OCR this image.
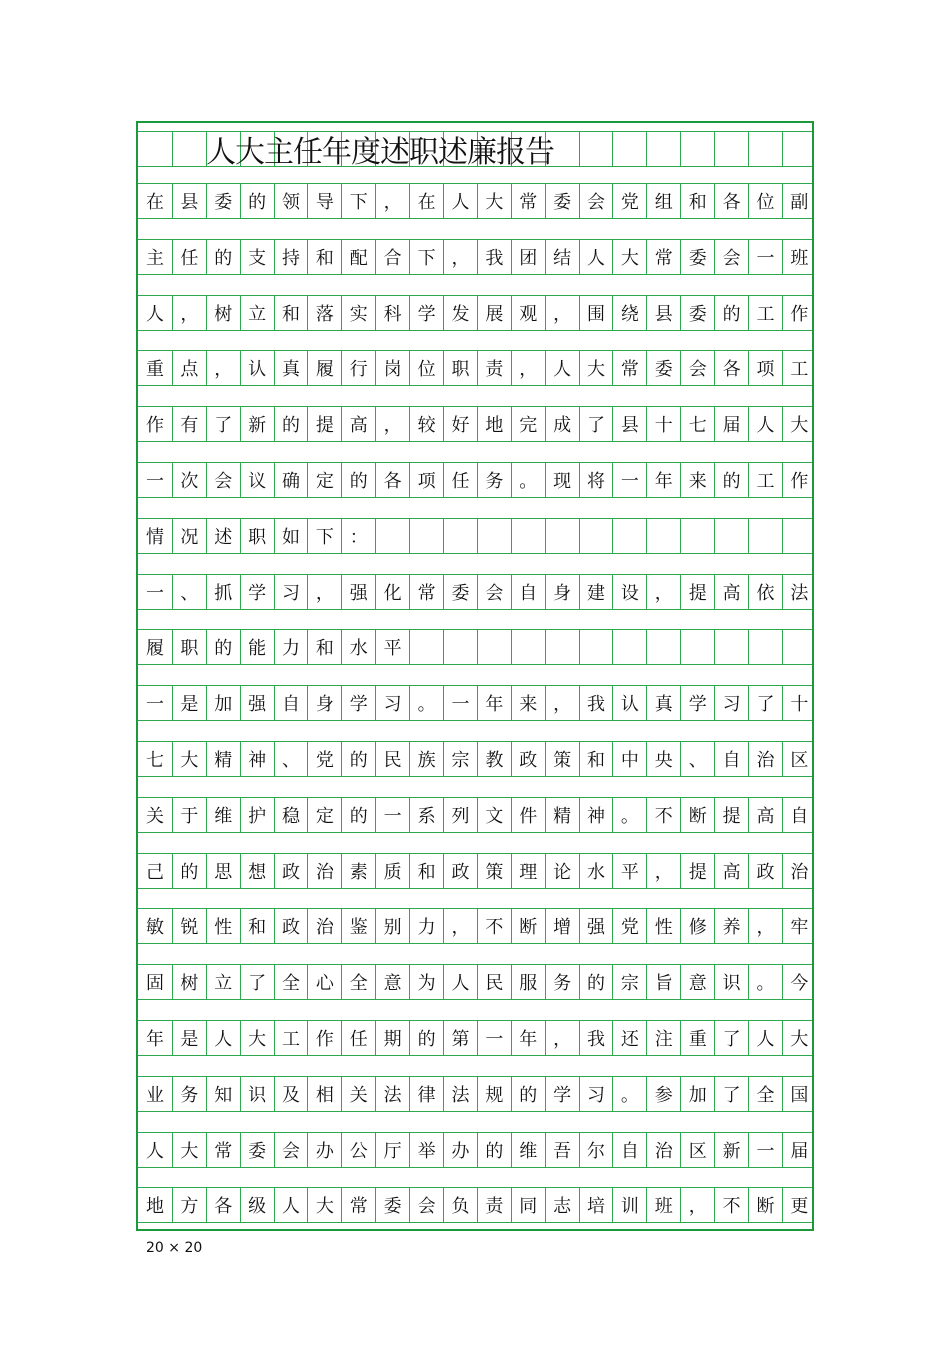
人大主任年度述职述廉报告
在 县 委 的 领 导 下 ， 在 人 大 常 委 会 党 组 和 各 位 副
主 任 的 支 持 和 配 合 下 ， 我 团 结 人 大 常 委 会 一 班
人 ， 树 立 和 落 实 科 学 发 展 观 ， 围 绕 县 委 的 工 作
重 点 ， 认 真 履 行 岗 位 职 责 ， 人 大 常 委 会 各 项 工
作 有 了 新 的 提 高 ， 较 好 地 完 成 了 县 十 七 届 人 大
一 次 会 议 确 定 的 各 项 任 务 。 现 将 一 年 来 的 工 作
情 况 述 职 如 下 ：
一 、 抓 学 习 ， 强 化 常 委 会 自 身 建 设 ， 提 高 依 法
履 职 的 能 力 和 水 平
一 是 加 强 自 身 学 习 。 一 年 来 ， 我 认 真 学 习 了 十
七 大 精 神 、 党 的 民 族 宗 教 政 策 和 中 央 、 自 治 区
关 于 维 护 稳 定 的 一 系 列 文 件 精 神 。 不 断 提 高 自
己 的 思 想 政 治 素 质 和 政 策 理 论 水 平 ， 提 高 政 治
敏 锐 性 和 政 治 鉴 别 力 ， 不 断 增 强 党 性 修 养 ， 牢
固 树 立 了 全 心 全 意 为 人 民 服 务 的 宗 旨 意 识 。 今
年 是 人 大 工 作 任 期 的 第 一 年 ， 我 还 注 重 了 人 大
业 务 知 识 及 相 关 法 律 法 规 的 学 习 。 参 加 了 全 国
人 大 常 委 会 办 公 厅 举 办 的 维 吾 尔 自 治 区 新 一 届
地 方 各 级 人 大 常 委 会 负 责 同 志 培 训 班 ， 不 断 更
20 × 20
